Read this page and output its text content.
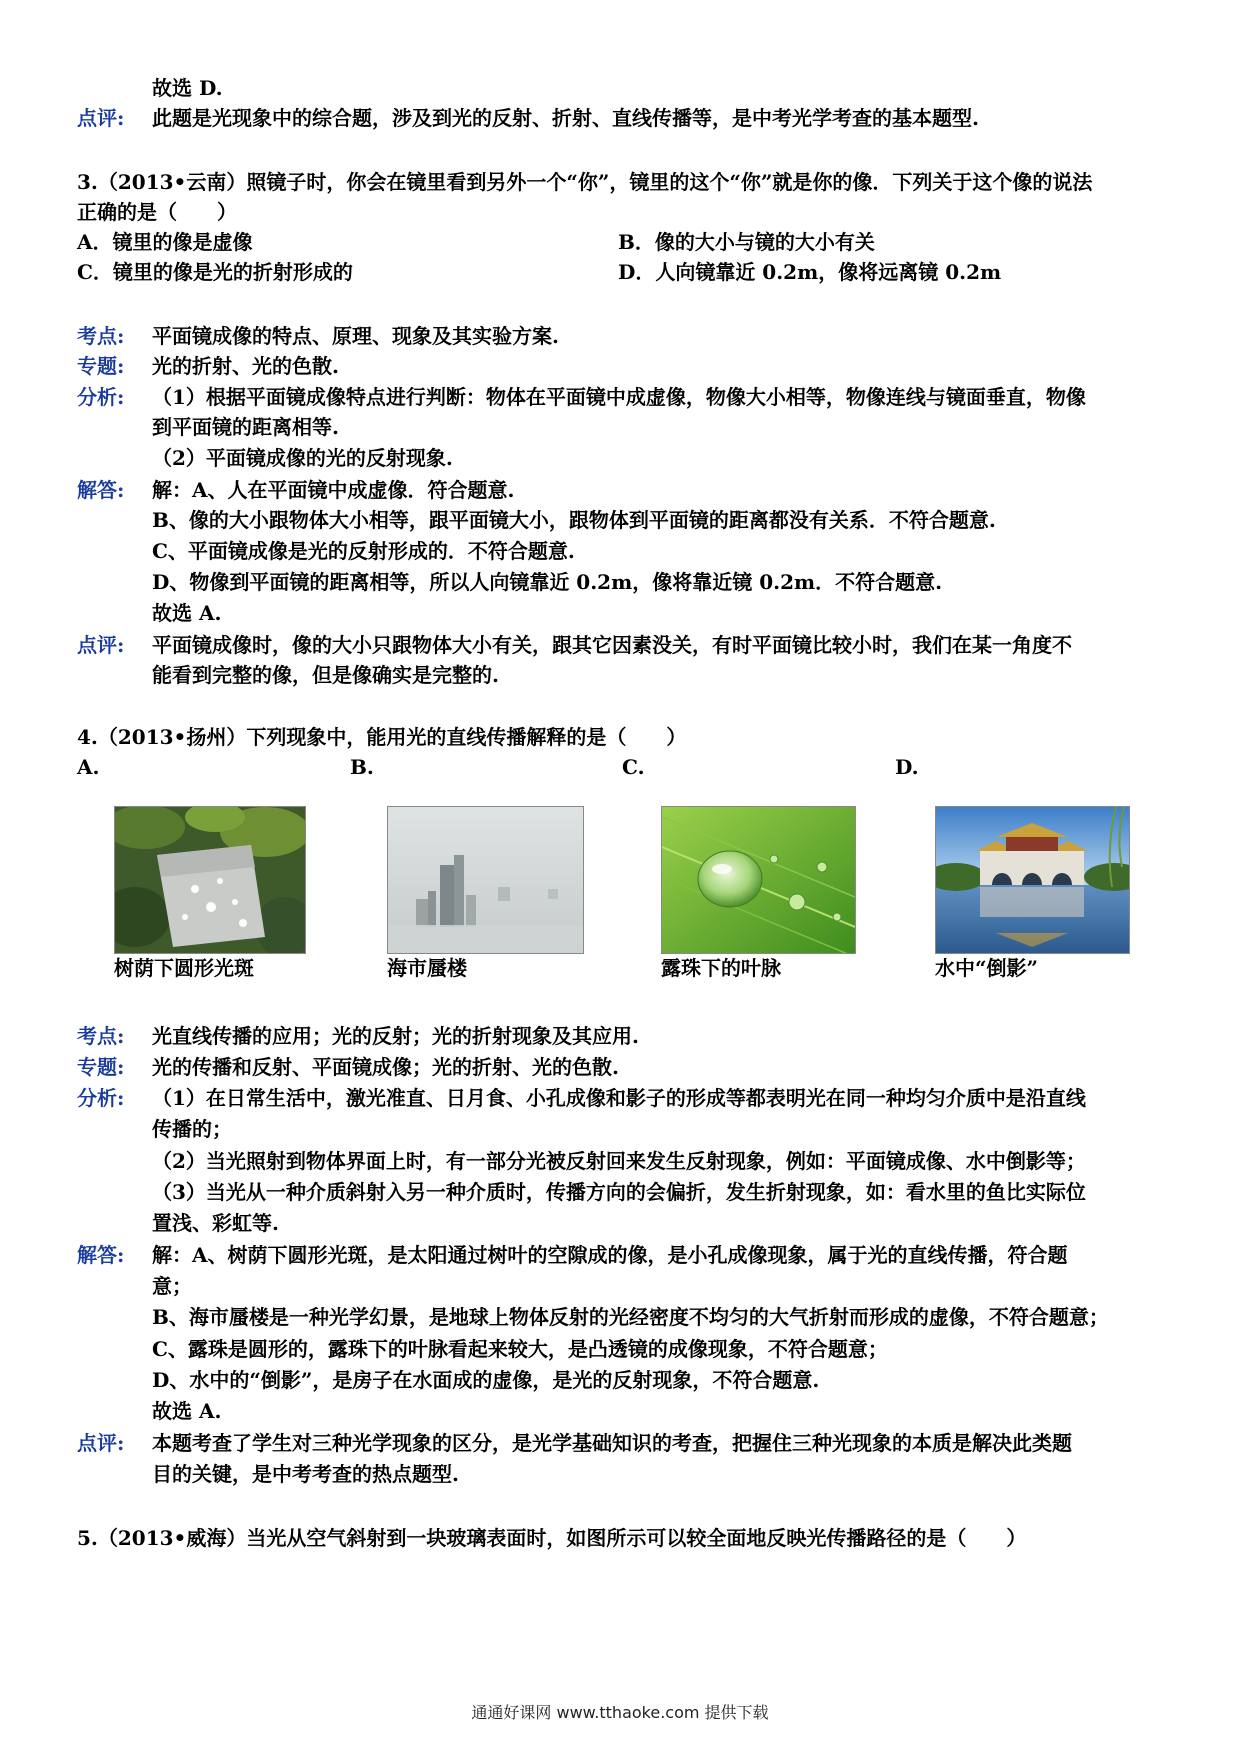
故选 D.
点评: 此题是光现象中的综合题，涉及到光的反射、折射、直线传播等，是中考光学考查的基本题型.
3.（2013•云南）照镜子时，你会在镜里看到另外一个“你”，镜里的这个“你”就是你的像．下列关于这个像的说法
正确的是（　　）
A．镜里的像是虚像	B．像的大小与镜的大小有关
C．镜里的像是光的折射形成的	D．人向镜靠近 0.2m，像将远离镜 0.2m
考点: 平面镜成像的特点、原理、现象及其实验方案.
专题: 光的折射、光的色散.
分析: （1）根据平面镜成像特点进行判断：物体在平面镜中成虚像，物像大小相等，物像连线与镜面垂直，物像
到平面镜的距离相等.
（2）平面镜成像的光的反射现象.
解答: 解：A、人在平面镜中成虚像．符合题意.
B、像的大小跟物体大小相等，跟平面镜大小，跟物体到平面镜的距离都没有关系．不符合题意.
C、平面镜成像是光的反射形成的．不符合题意.
D、物像到平面镜的距离相等，所以人向镜靠近 0.2m，像将靠近镜 0.2m．不符合题意.
故选 A.
点评: 平面镜成像时，像的大小只跟物体大小有关，跟其它因素没关，有时平面镜比较小时，我们在某一角度不
能看到完整的像，但是像确实是完整的.
4.（2013•扬州）下列现象中，能用光的直线传播解释的是（　　）
A.	B.	C.	D.
树荫下圆形光斑	海市蜃楼	露珠下的叶脉	水中“倒影”
考点: 光直线传播的应用；光的反射；光的折射现象及其应用.
专题: 光的传播和反射、平面镜成像；光的折射、光的色散.
分析: （1）在日常生活中，激光准直、日月食、小孔成像和影子的形成等都表明光在同一种均匀介质中是沿直线
传播的；
（2）当光照射到物体界面上时，有一部分光被反射回来发生反射现象，例如：平面镜成像、水中倒影等；
（3）当光从一种介质斜射入另一种介质时，传播方向的会偏折，发生折射现象，如：看水里的鱼比实际位
置浅、彩虹等.
解答: 解：A、树荫下圆形光斑，是太阳通过树叶的空隙成的像，是小孔成像现象，属于光的直线传播，符合题
意；
B、海市蜃楼是一种光学幻景，是地球上物体反射的光经密度不均匀的大气折射而形成的虚像，不符合题意；
C、露珠是圆形的，露珠下的叶脉看起来较大，是凸透镜的成像现象，不符合题意；
D、水中的“倒影”，是房子在水面成的虚像，是光的反射现象，不符合题意.
故选 A.
点评: 本题考查了学生对三种光学现象的区分，是光学基础知识的考查，把握住三种光现象的本质是解决此类题
目的关键，是中考考查的热点题型.
5.（2013•威海）当光从空气斜射到一块玻璃表面时，如图所示可以较全面地反映光传播路径的是（　　）
通通好课网 www.tthaoke.com 提供下载
